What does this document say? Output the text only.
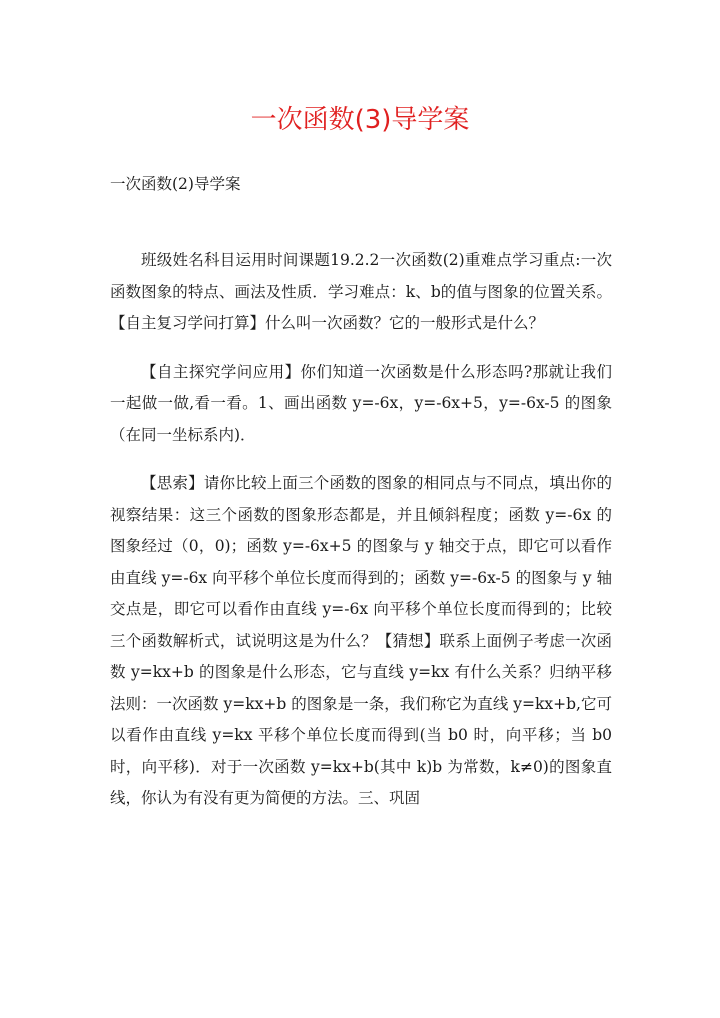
一次函数(3)导学案

一次函数(2)导学案

班级姓名科目运用时间课题19.2.2一次函数(2)重难点学习重点:一次函数图象的特点、画法及性质．学习难点：k、b的值与图象的位置关系。【自主复习学问打算】什么叫一次函数？它的一般形式是什么？

【自主探究学问应用】你们知道一次函数是什么形态吗?那就让我们一起做一做,看一看。1、画出函数 y=-6x，y=-6x+5，y=-6x-5 的图象（在同一坐标系内)．

【思索】请你比较上面三个函数的图象的相同点与不同点，填出你的视察结果：这三个函数的图象形态都是，并且倾斜程度；函数 y=-6x 的图象经过（0，0)；函数 y=-6x+5 的图象与 y 轴交于点，即它可以看作由直线 y=-6x 向平移个单位长度而得到的；函数 y=-6x-5 的图象与 y 轴交点是，即它可以看作由直线 y=-6x 向平移个单位长度而得到的；比较三个函数解析式，试说明这是为什么？【猜想】联系上面例子考虑一次函数 y=kx+b 的图象是什么形态，它与直线 y=kx 有什么关系？归纳平移法则：一次函数 y=kx+b 的图象是一条，我们称它为直线 y=kx+b,它可以看作由直线 y=kx 平移个单位长度而得到(当 b0 时，向平移；当 b0 时，向平移)．对于一次函数 y=kx+b(其中 k)b 为常数，k≠0)的图象直线，你认为有没有更为简便的方法。三、巩固
